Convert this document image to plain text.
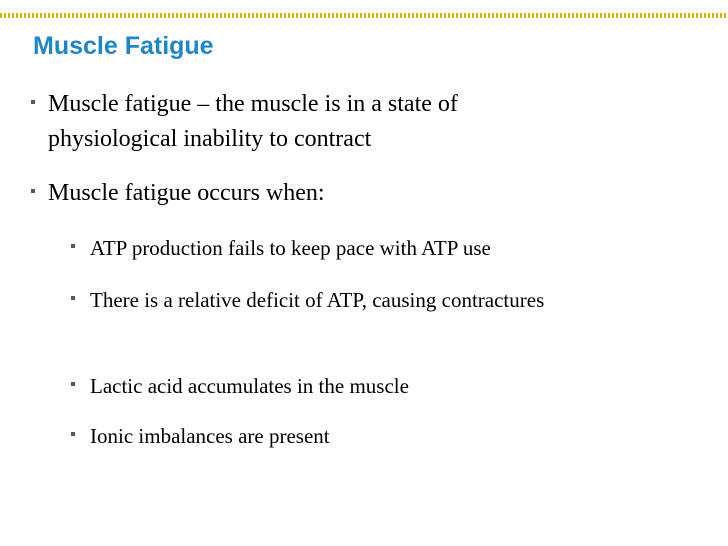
Muscle Fatigue
Muscle fatigue – the muscle is in a state of physiological inability to contract
Muscle fatigue occurs when:
ATP production fails to keep pace with ATP use
There is a relative deficit of ATP, causing contractures
Lactic acid accumulates in the muscle
Ionic imbalances are present
